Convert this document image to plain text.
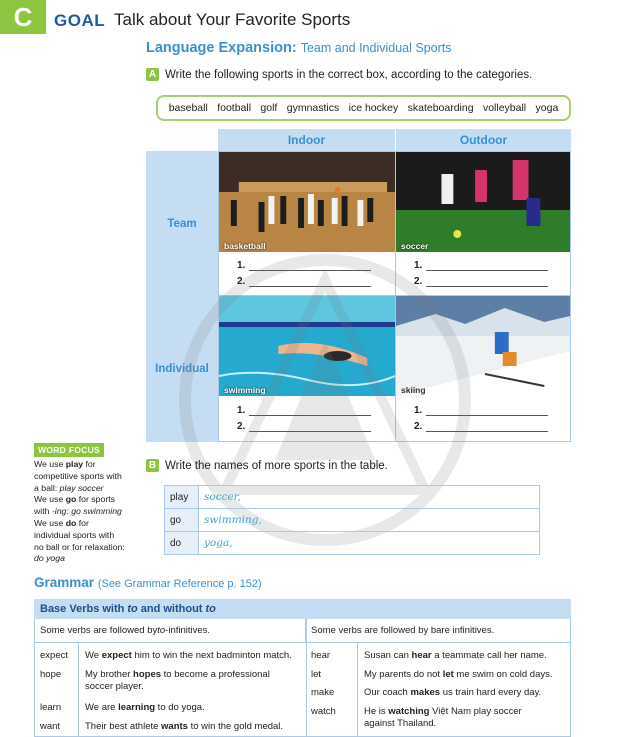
C	GOAL Talk about Your Favorite Sports
Language Expansion: Team and Individual Sports
A Write the following sports in the correct box, according to the categories.
baseball football golf gymnastics ice hockey skateboarding volleyball yoga
Indoor	Outdoor
Team
Individual
basketball
1.
2.
soccer
1.
2.
swimming
1.
2.
skiing
1.
2.
WORD FOCUS
We use play for
competitive sports with
a ball: play soccer
We use go for sports
with -ing: go swimming
We use do for
individual sports with
no ball or for relaxation:
do yoga
B Write the names of more sports in the table.
play	soccer,
go	swimming,
do	yoga,
Grammar (See Grammar Reference p. 152)
Base Verbs with to and without to
Some verbs are followed by to -infinitives.	Some verbs are followed by bare infinitives.
expect We expect him to win the next badminton match.
hope	My brother hopes to become a professional
soccer player.
learn	We are learning to do yoga.
want	Their best athlete wants to win the gold medal.
hear	Susan can hear a teammate call her name.
let	My parents do not let me swim on cold days.
make	Our coach makes us train hard every day.
watch	He is watching Việt Nam play soccer
against Thailand.
